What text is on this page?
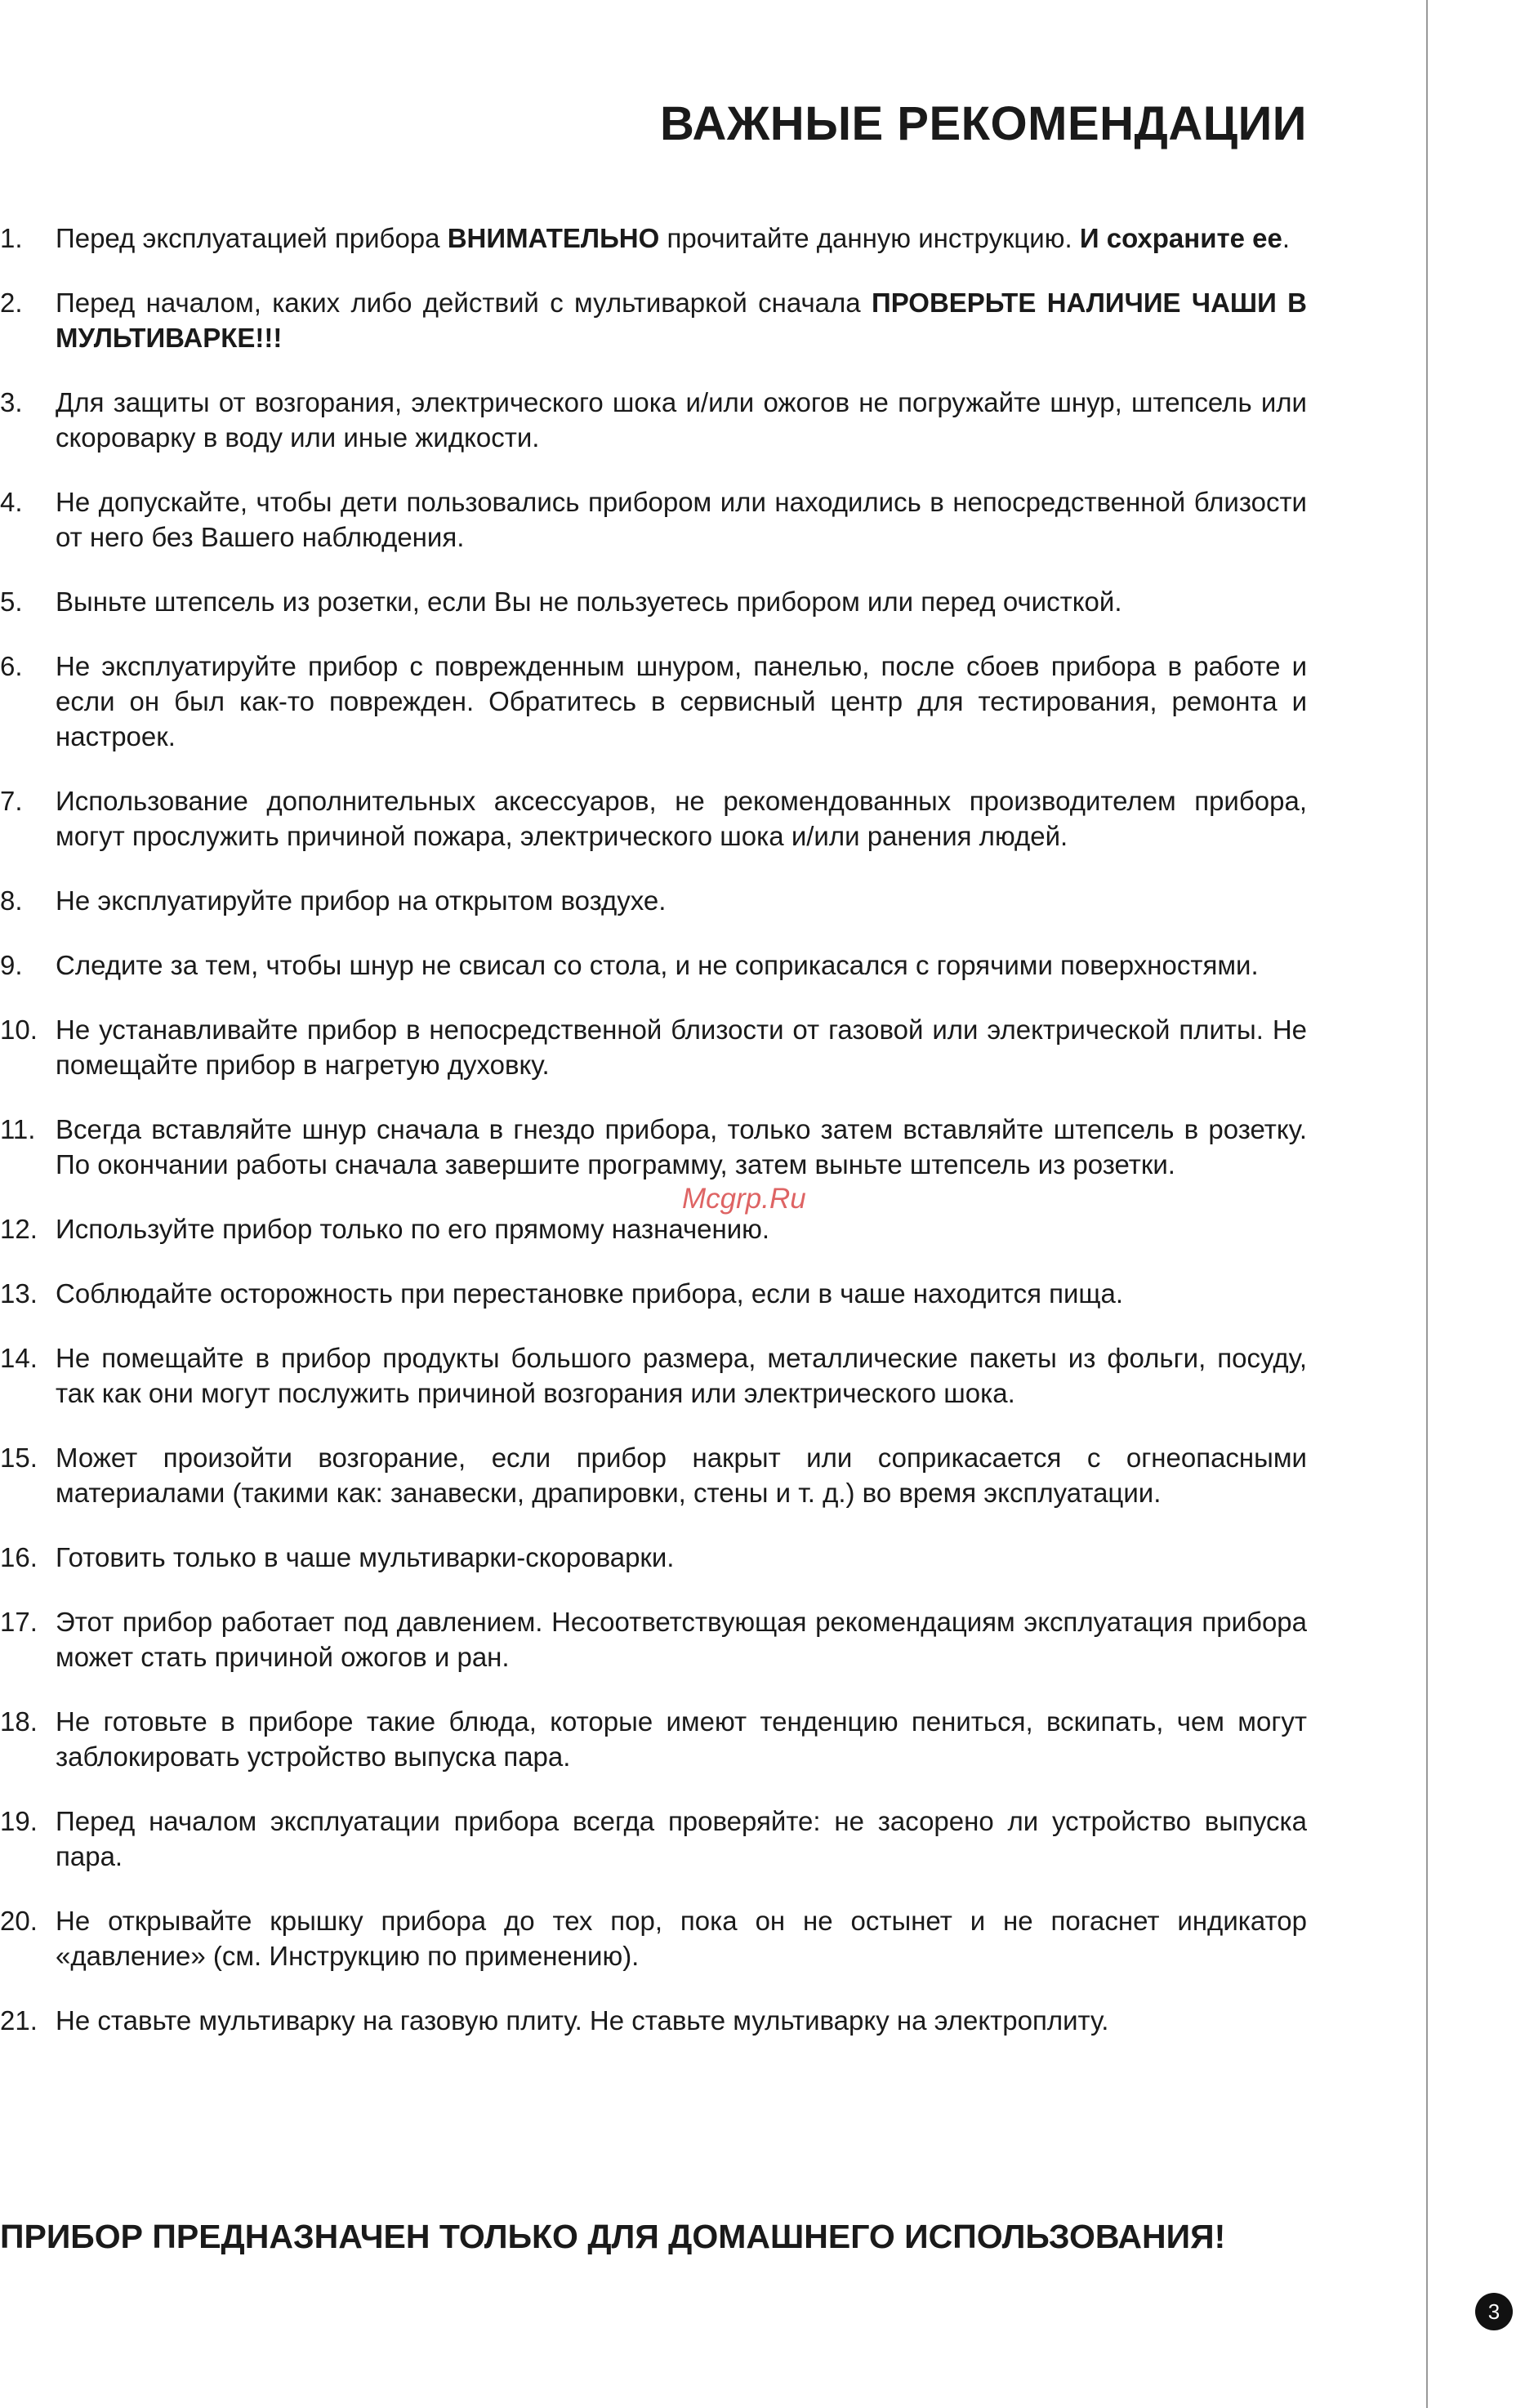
ВАЖНЫЕ РЕКОМЕНДАЦИИ
1.	Перед эксплуатацией прибора ВНИМАТЕЛЬНО прочитайте данную инструкцию. И сохраните ее.
2.	Перед началом, каких либо действий с мультиваркой сначала ПРОВЕРЬТЕ НАЛИЧИЕ ЧАШИ В МУЛЬТИВАРКЕ!!!
3.	Для защиты от возгорания, электрического шока и/или ожогов не погружайте шнур, штепсель или скороварку в воду или иные жидкости.
4.	Не допускайте, чтобы дети пользовались прибором или находились в непосредственной близости от него без Вашего наблюдения.
5.	Выньте штепсель из розетки, если Вы не пользуетесь прибором или перед очисткой.
6.	Не эксплуатируйте прибор с поврежденным шнуром, панелью, после сбоев прибора в работе и если он был как-то поврежден. Обратитесь в сервисный центр для тестирования, ремонта и настроек.
7.	Использование дополнительных аксессуаров, не рекомендованных производителем прибора, могут прослужить причиной пожара, электрического шока и/или ранения людей.
8.	Не эксплуатируйте прибор на открытом воздухе.
9.	Следите за тем, чтобы шнур не свисал со стола, и не соприкасался с горячими поверхностями.
10. Не устанавливайте прибор в непосредственной близости от газовой или электрической плиты. Не помещайте прибор в нагретую духовку.
11. Всегда вставляйте шнур сначала в гнездо прибора, только затем вставляйте штепсель в розетку. По окончании работы сначала завершите программу, затем выньте штепсель из розетки.
12. Используйте прибор только по его прямому назначению.
13. Соблюдайте осторожность при перестановке прибора, если в чаше находится пища.
14. Не помещайте в прибор продукты большого размера, металлические пакеты из фольги, посуду, так как они могут послужить причиной возгорания или электрического шока.
15. Может произойти возгорание, если прибор накрыт или соприкасается с огнеопасными материалами (такими как: занавески, драпировки, стены и т. д.) во время эксплуатации.
16. Готовить только в чаше мультиварки-скороварки.
17. Этот прибор работает под давлением. Несоответствующая рекомендациям эксплуатация прибора может стать причиной ожогов и ран.
18. Не готовьте в приборе такие блюда, которые имеют тенденцию пениться, вскипать, чем могут заблокировать устройство выпуска пара.
19. Перед началом эксплуатации прибора всегда проверяйте: не засорено ли устройство выпуска пара.
20. Не открывайте крышку прибора до тех пор, пока он не остынет и не погаснет индикатор «давление» (см. Инструкцию по применению).
21. Не ставьте мультиварку на газовую плиту. Не ставьте мультиварку на электроплиту.
Mcgrp.Ru

ПРИБОР ПРЕДНАЗНАЧЕН ТОЛЬКО ДЛЯ ДОМАШНЕГО ИСПОЛЬЗОВАНИЯ!

3
